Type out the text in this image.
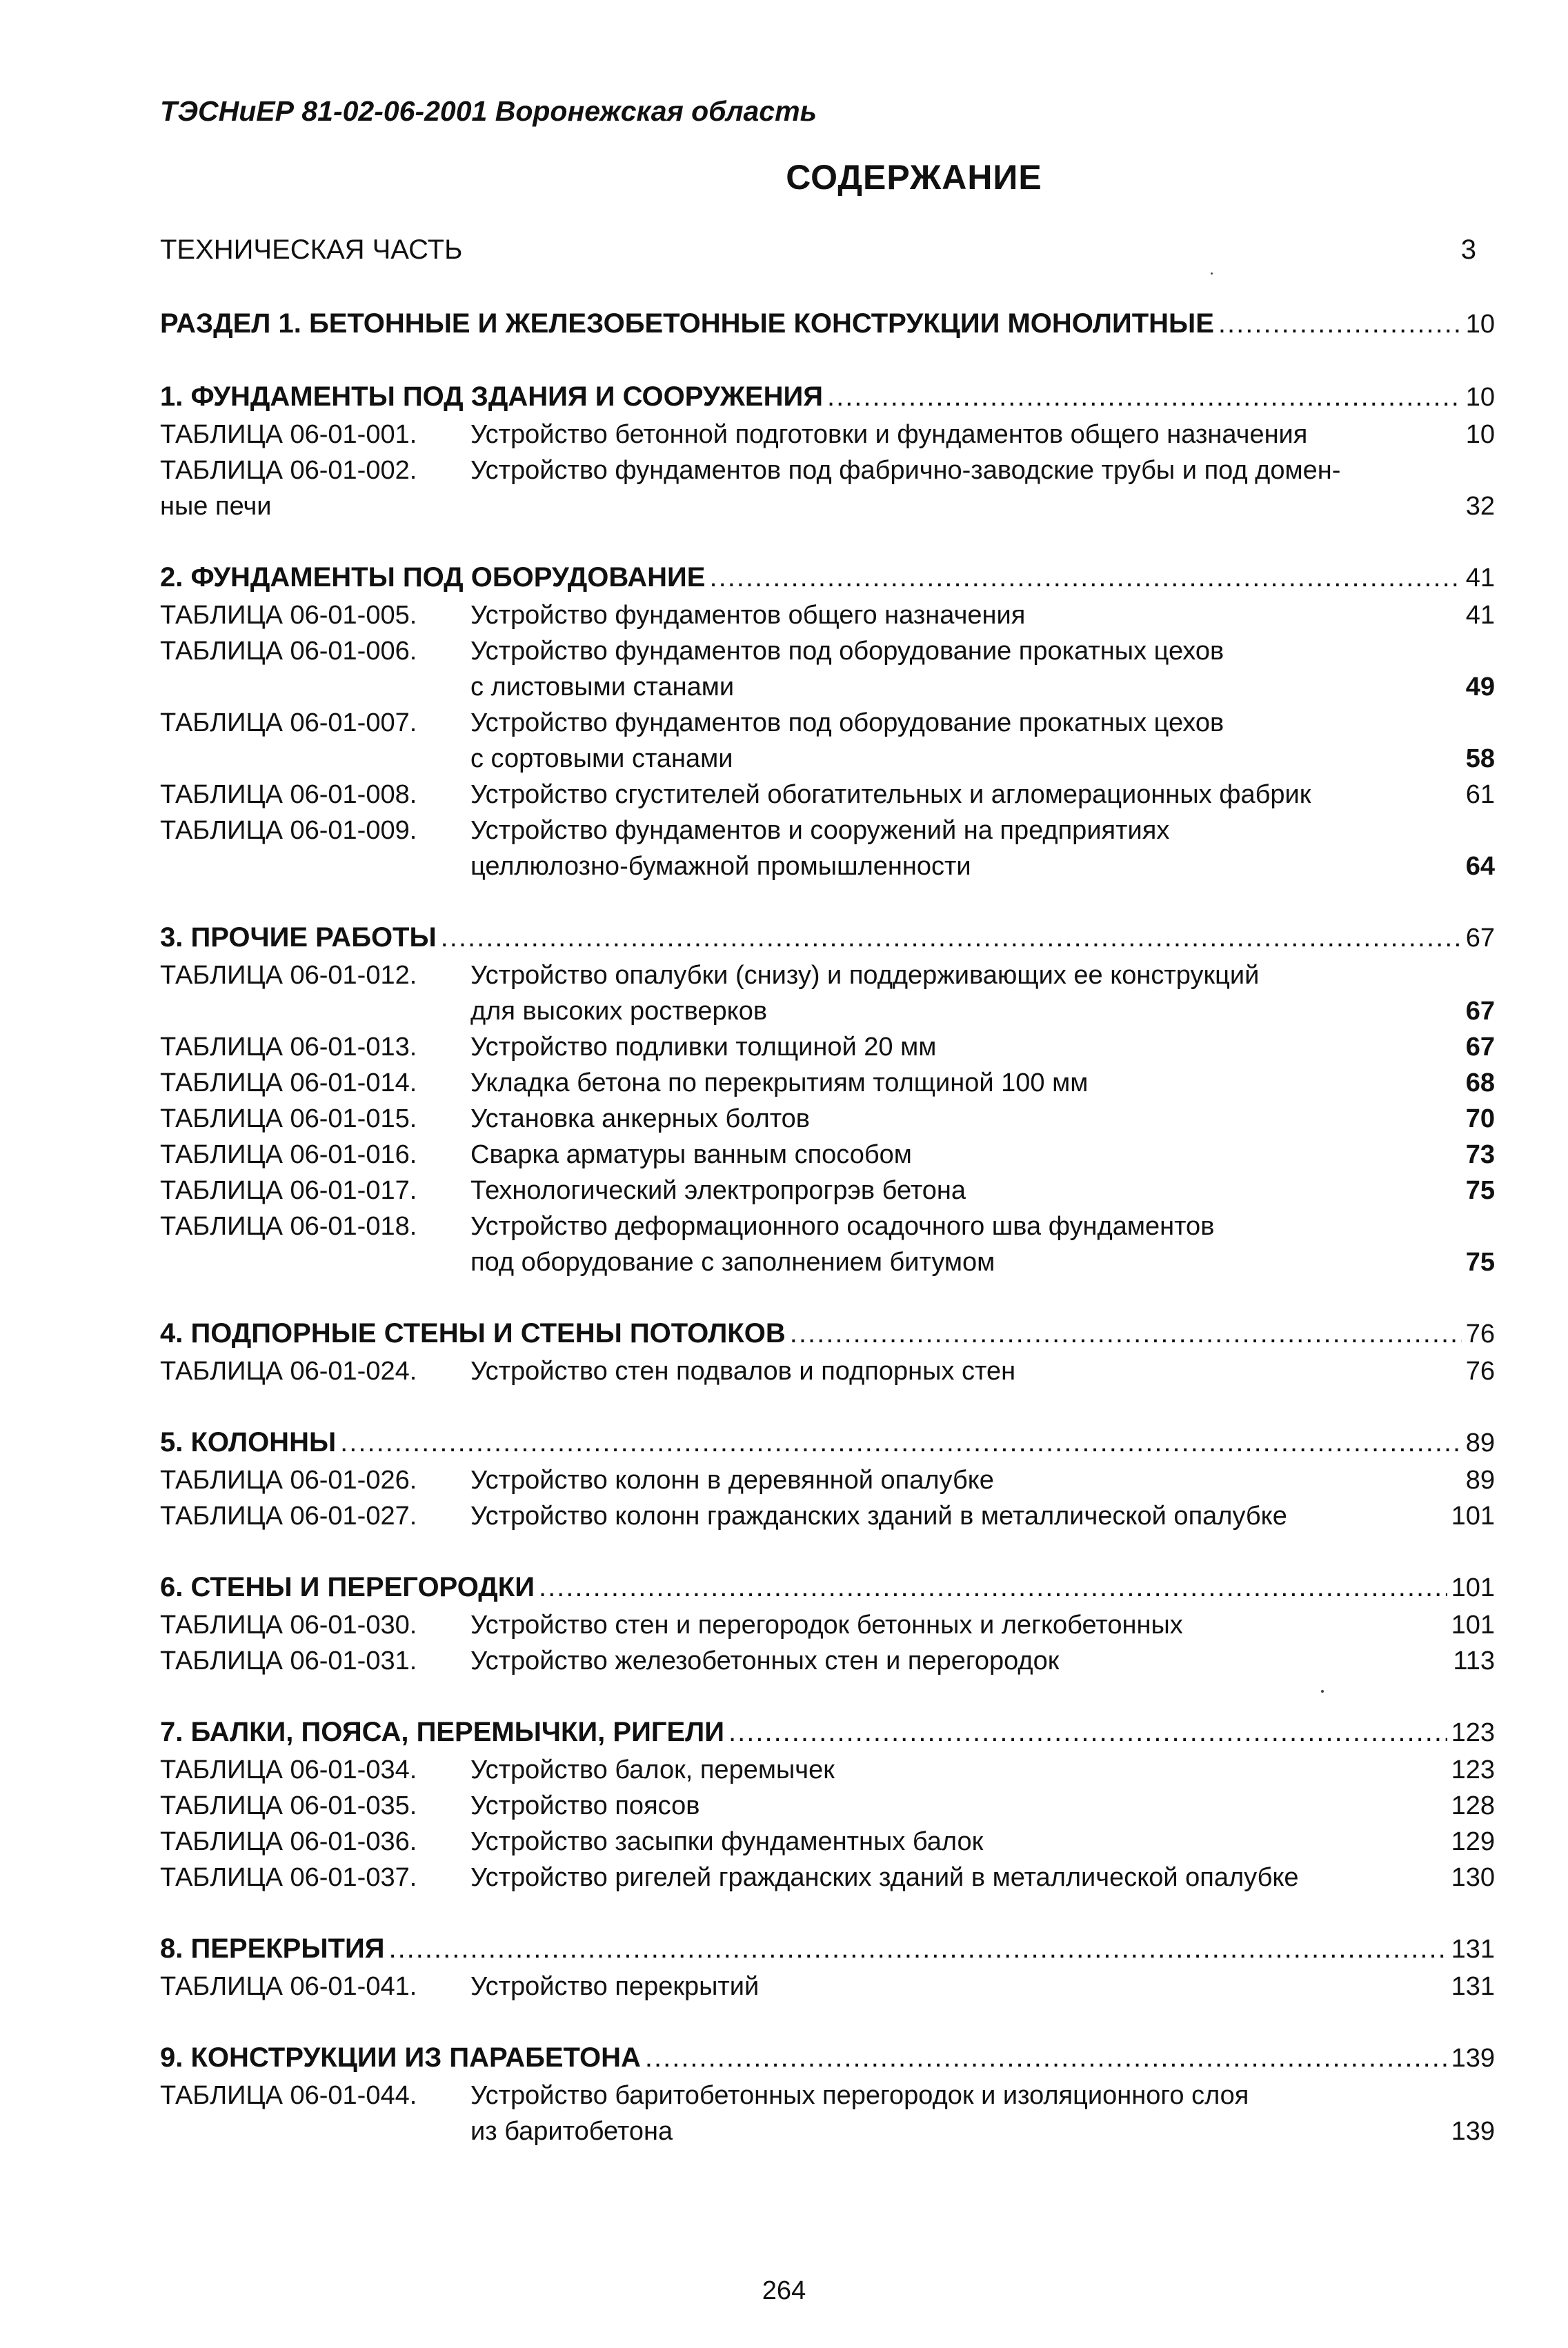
ТЭСНиЕР 81-02-06-2001 Воронежская область
СОДЕРЖАНИЕ
ТЕХНИЧЕСКАЯ ЧАСТЬ	3
РАЗДЕЛ 1. БЕТОННЫЕ И ЖЕЛЕЗОБЕТОННЫЕ КОНСТРУКЦИИ МОНОЛИТНЫЕ .....	10
1. ФУНДАМЕНТЫ ПОД ЗДАНИЯ И СООРУЖЕНИЯ .....	10
ТАБЛИЦА 06-01-001.	Устройство бетонной подготовки и фундаментов общего назначения	10
ТАБЛИЦА 06-01-002.	Устройство фундаментов под фабрично-заводские трубы и под домен-
ные печи	32
2. ФУНДАМЕНТЫ ПОД ОБОРУДОВАНИЕ .....	41
ТАБЛИЦА 06-01-005.	Устройство фундаментов общего назначения	41
ТАБЛИЦА 06-01-006.	Устройство фундаментов под оборудование прокатных цехов
с листовыми станами	49
ТАБЛИЦА 06-01-007.	Устройство фундаментов под оборудование прокатных цехов
с сортовыми станами	58
ТАБЛИЦА 06-01-008.	Устройство сгустителей обогатительных и агломерационных фабрик	61
ТАБЛИЦА 06-01-009.	Устройство фундаментов и сооружений на предприятиях
целлюлозно-бумажной промышленности	64
3. ПРОЧИЕ РАБОТЫ .....	67
ТАБЛИЦА 06-01-012.	Устройство опалубки (снизу) и поддерживающих ее конструкций
для высоких ростверков	67
ТАБЛИЦА 06-01-013.	Устройство подливки толщиной 20 мм	67
ТАБЛИЦА 06-01-014.	Укладка бетона по перекрытиям толщиной 100 мм	68
ТАБЛИЦА 06-01-015.	Установка анкерных болтов	70
ТАБЛИЦА 06-01-016.	Сварка арматуры ванным способом	73
ТАБЛИЦА 06-01-017.	Технологический электропрогрэв бетона	75
ТАБЛИЦА 06-01-018.	Устройство деформационного осадочного шва фундаментов
под оборудование с заполнением битумом	75
4. ПОДПОРНЫЕ СТЕНЫ И СТЕНЫ ПОТОЛКОВ .....	76
ТАБЛИЦА 06-01-024.	Устройство стен подвалов и подпорных стен	76
5. КОЛОННЫ .....	89
ТАБЛИЦА 06-01-026.	Устройство колонн в деревянной опалубке	89
ТАБЛИЦА 06-01-027.	Устройство колонн гражданских зданий в металлической опалубке	101
6. СТЕНЫ И ПЕРЕГОРОДКИ .....	101
ТАБЛИЦА 06-01-030.	Устройство стен и перегородок бетонных и легкобетонных	101
ТАБЛИЦА 06-01-031.	Устройство железобетонных стен и перегородок	113
7. БАЛКИ, ПОЯСА, ПЕРЕМЫЧКИ, РИГЕЛИ .....	123
ТАБЛИЦА 06-01-034.	Устройство балок, перемычек	123
ТАБЛИЦА 06-01-035.	Устройство поясов	128
ТАБЛИЦА 06-01-036.	Устройство засыпки фундаментных балок	129
ТАБЛИЦА 06-01-037.	Устройство ригелей гражданских зданий в металлической опалубке	130
8. ПЕРЕКРЫТИЯ .....	131
ТАБЛИЦА 06-01-041.	Устройство перекрытий	131
9. КОНСТРУКЦИИ ИЗ ПАРАБЕТОНА .....	139
ТАБЛИЦА 06-01-044.	Устройство баритобетонных перегородок и изоляционного слоя
из баритобетона	139
264
